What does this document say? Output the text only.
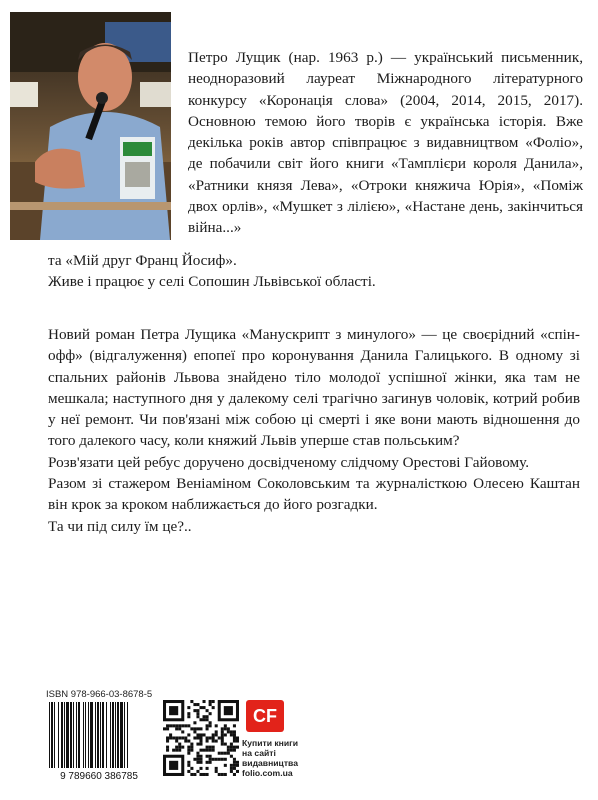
Петро Лущик (нар. 1963 р.) — український письменник, неодноразовий лауреат Міжнародного літературного конкурсу «Коронація слова» (2004, 2014, 2015, 2017). Основною темою його творів є українська історія. Вже декілька років автор співпрацює з видавництвом «Фоліо», де побачили світ його книги «Тамплієри короля Данила», «Ратники князя Лева», «Отроки княжича Юрія», «Поміж двох орлів», «Мушкет з лілією», «Настане день, закінчиться війна...»

та «Мій друг Франц Йосиф».
Живе і працює у селі Сопошин Львівської області.

Новий роман Петра Лущика «Манускрипт з минулого» — це своєрідний «спін-офф» (відгалуження) епопеї про коронування Данила Галицького. В одному зі спальних районів Львова знайдено тіло молодої успішної жінки, яка там не мешкала; наступного дня у далекому селі трагічно загинув чоловік, котрий робив у неї ремонт. Чи пов'язані між собою ці смерті і яке вони мають відношення до того далекого часу, коли княжий Львів уперше став польським?
Розв'язати цей ребус доручено досвідченому слідчому Орестові Гайовому.
Разом зі стажером Веніаміном Соколовським та журналісткою Олесею Каштан він крок за кроком наближається до його розгадки.
Та чи під силу їм це?..

ISBN 978-966-03-8678-5
9 789660 386785
CF
Купити книги
на сайті
видавництва
folio.com.ua
